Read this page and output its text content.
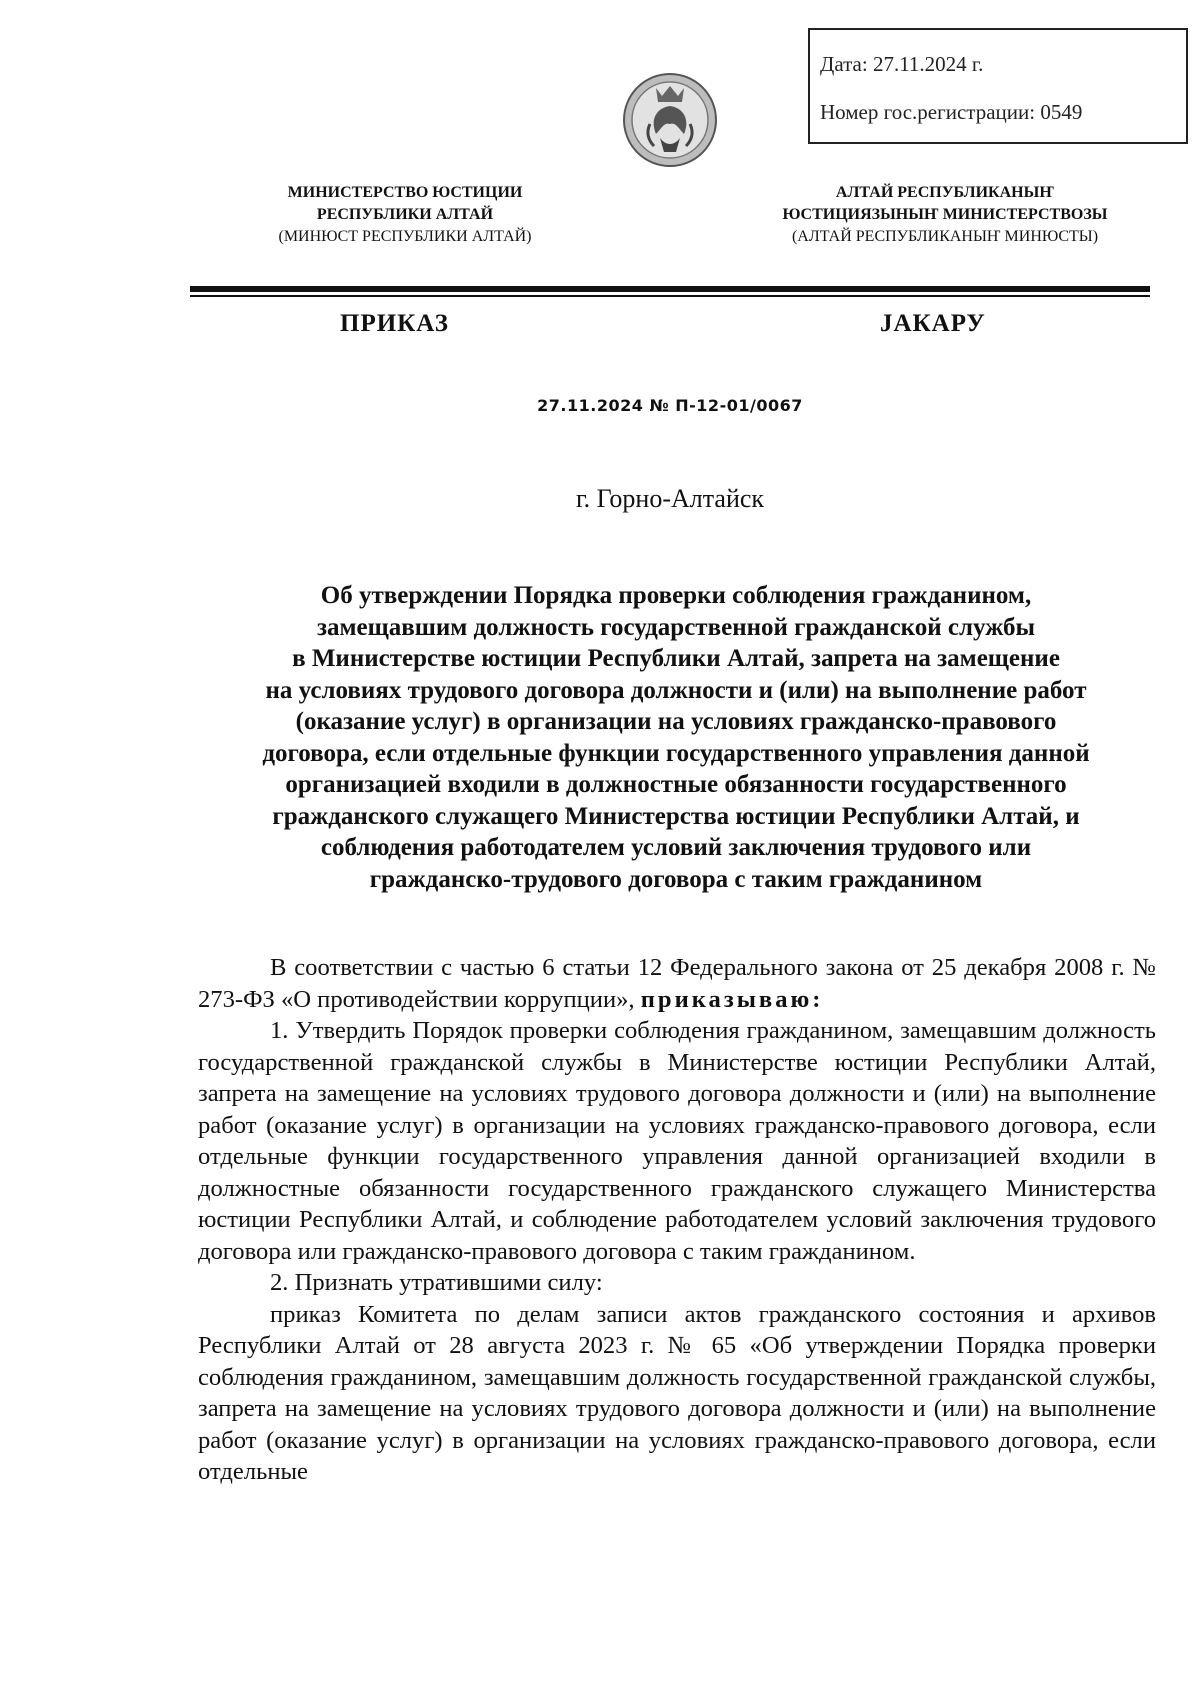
Дата: 27.11.2024 г.
Номер гос.регистрации: 0549
МИНИСТЕРСТВО ЮСТИЦИИ
РЕСПУБЛИКИ АЛТАЙ
(МИНЮСТ РЕСПУБЛИКИ АЛТАЙ)
АЛТАЙ РЕСПУБЛИКАНЫҤ
ЮСТИЦИЯЗЫНЫҤ МИНИСТЕРСТВОЗЫ
(АЛТАЙ РЕСПУБЛИКАНЫҤ МИНЮСТЫ)
ПРИКАЗ	JАКАРУ
27.11.2024 № П-12-01/0067
г. Горно-Алтайск
Об утверждении Порядка проверки соблюдения гражданином,
замещавшим должность государственной гражданской службы
в Министерстве юстиции Республики Алтай, запрета на замещение
на условиях трудового договора должности и (или) на выполнение работ
(оказание услуг) в организации на условиях гражданско-правового
договора, если отдельные функции государственного управления данной
организацией входили в должностные обязанности государственного
гражданского служащего Министерства юстиции Республики Алтай, и
соблюдения работодателем условий заключения трудового или
гражданско-трудового договора с таким гражданином

В соответствии с частью 6 статьи 12 Федерального закона от 25 декабря 2008 г. № 273-ФЗ «О противодействии коррупции», приказываю:

1. Утвердить Порядок проверки соблюдения гражданином, замещавшим должность государственной гражданской службы в Министерстве юстиции Республики Алтай, запрета на замещение на условиях трудового договора должности и (или) на выполнение работ (оказание услуг) в организации на условиях гражданско-правового договора, если отдельные функции государственного управления данной организацией входили в должностные обязанности государственного гражданского служащего Министерства юстиции Республики Алтай, и соблюдение работодателем условий заключения трудового договора или гражданско-правового договора с таким гражданином.

2. Признать утратившими силу:

приказ Комитета по делам записи актов гражданского состояния и архивов Республики Алтай от 28 августа 2023 г. № 65 «Об утверждении Порядка проверки соблюдения гражданином, замещавшим должность государственной гражданской службы, запрета на замещение на условиях трудового договора должности и (или) на выполнение работ (оказание услуг) в организации на условиях гражданско-правового договора, если отдельные
